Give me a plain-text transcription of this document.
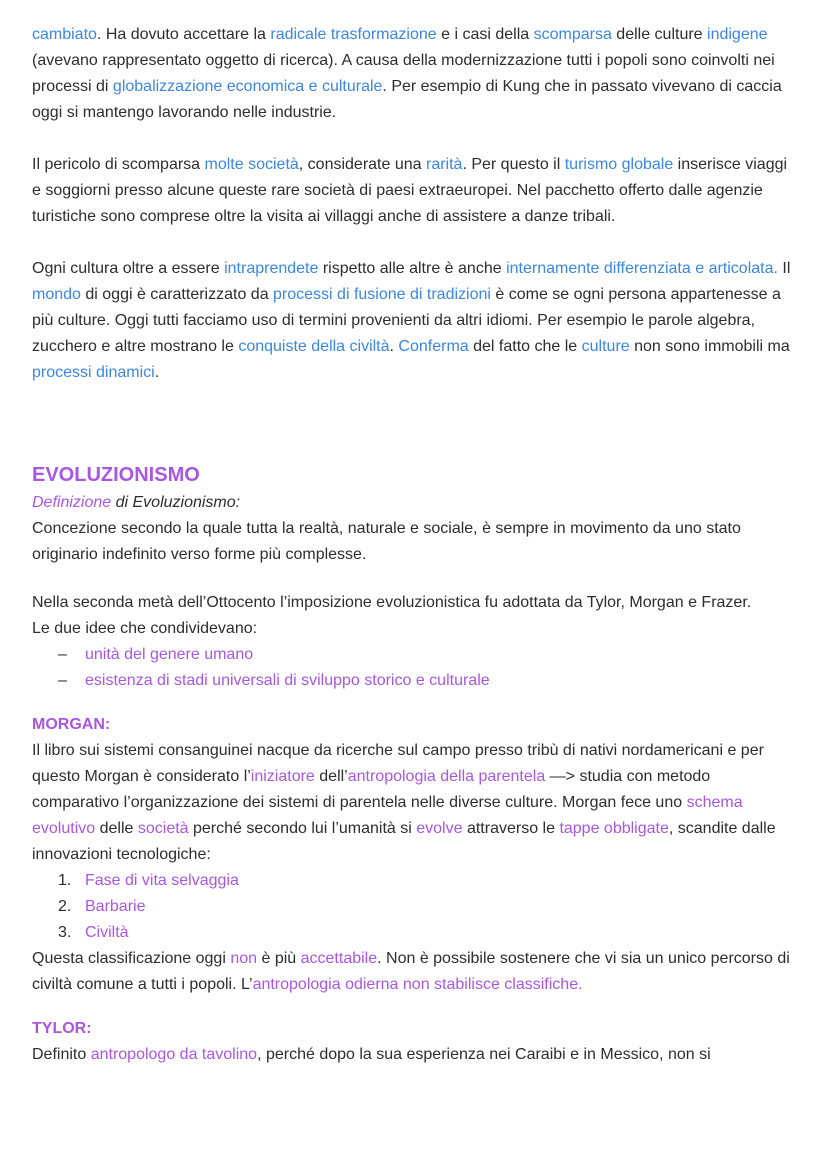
cambiato. Ha dovuto accettare la radicale trasformazione e i casi della scomparsa delle culture indigene (avevano rappresentato oggetto di ricerca). A causa della modernizzazione tutti i popoli sono coinvolti nei processi di globalizzazione economica e culturale. Per esempio di Kung che in passato vivevano di caccia oggi si mantengo lavorando nelle industrie.

Il pericolo di scomparsa molte società, considerate una rarità. Per questo il turismo globale inserisce viaggi e soggiorni presso alcune queste rare società di paesi extraeuropei. Nel pacchetto offerto dalle agenzie turistiche sono comprese oltre la visita ai villaggi anche di assistere a danze tribali.

Ogni cultura oltre a essere intraprendete rispetto alle altre è anche internamente differenziata e articolata. Il mondo di oggi è caratterizzato da processi di fusione di tradizioni è come se ogni persona appartenesse a più culture. Oggi tutti facciamo uso di termini provenienti da altri idiomi. Per esempio le parole algebra, zucchero e altre mostrano le conquiste della civiltà. Conferma del fatto che le culture non sono immobili ma processi dinamici.

EVOLUZIONISMO

Definizione di Evoluzionismo:

Concezione secondo la quale tutta la realtà, naturale e sociale, è sempre in movimento da uno stato originario indefinito verso forme più complesse.

Nella seconda metà dell’Ottocento l’imposizione evoluzionistica fu adottata da Tylor, Morgan e Frazer.

Le due idee che condividevano:

–	unità del genere umano

–	esistenza di stadi universali di sviluppo storico e culturale

MORGAN:

Il libro sui sistemi consanguinei nacque da ricerche sul campo presso tribù di nativi nordamericani e per questo Morgan è considerato l’iniziatore dell’antropologia della parentela —> studia con metodo comparativo l’organizzazione dei sistemi di parentela nelle diverse culture. Morgan fece uno schema evolutivo delle società perché secondo lui l’umanità si evolve attraverso le tappe obbligate, scandite dalle innovazioni tecnologiche:

1. Fase di vita selvaggia

2. Barbarie

3. Civiltà

Questa classificazione oggi non è più accettabile. Non è possibile sostenere che vi sia un unico percorso di civiltà comune a tutti i popoli. L’antropologia odierna non stabilisce classifiche.

TYLOR:

Definito antropologo da tavolino, perché dopo la sua esperienza nei Caraibi e in Messico, non si
